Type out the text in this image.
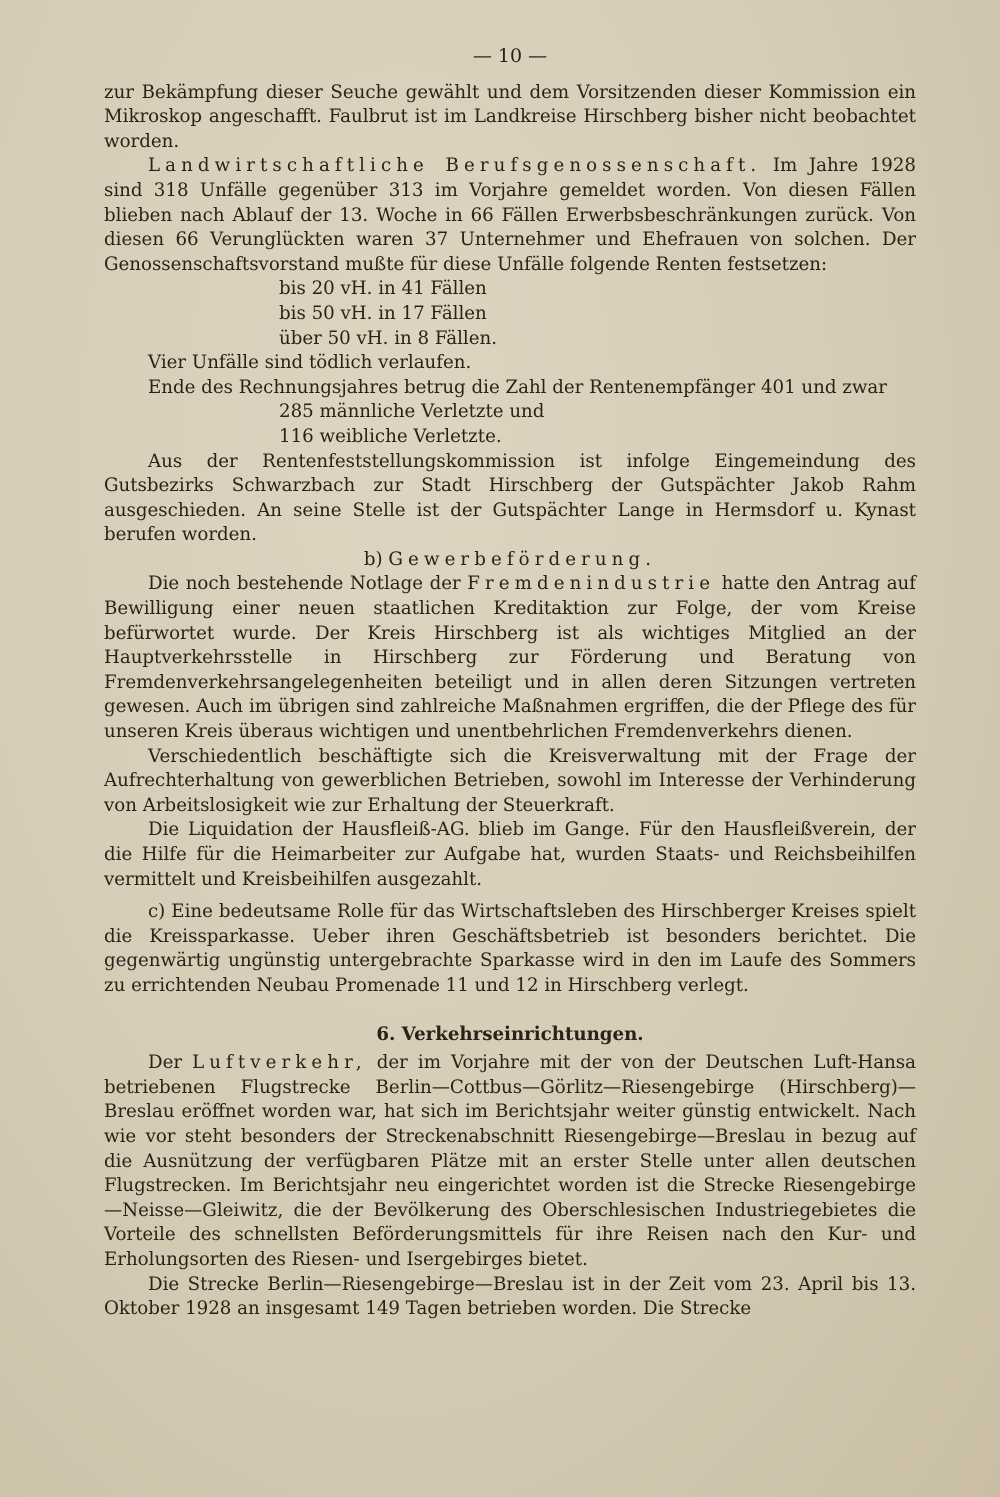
— 10 —

zur Bekämpfung dieser Seuche gewählt und dem Vorsitzenden dieser Kommission ein Mikroskop angeschafft. Faulbrut ist im Landkreise Hirschberg bisher nicht beobachtet worden.

Landwirtschaftliche Berufsgenossenschaft. Im Jahre 1928 sind 318 Unfälle gegenüber 313 im Vorjahre gemeldet worden. Von diesen Fällen blieben nach Ablauf der 13. Woche in 66 Fällen Erwerbsbeschränkungen zurück. Von diesen 66 Verunglückten waren 37 Unternehmer und Ehefrauen von solchen. Der Genossenschaftsvorstand mußte für diese Unfälle folgende Renten festsetzen:

bis 20 vH. in 41 Fällen
bis 50 vH. in 17 Fällen
über 50 vH. in 8 Fällen.

Vier Unfälle sind tödlich verlaufen.

Ende des Rechnungsjahres betrug die Zahl der Rentenempfänger 401 und zwar

285 männliche Verletzte und
116 weibliche Verletzte.

Aus der Rentenfeststellungskommission ist infolge Eingemeindung des Gutsbezirks Schwarzbach zur Stadt Hirschberg der Gutspächter Jakob Rahm ausgeschieden. An seine Stelle ist der Gutspächter Lange in Hermsdorf u. Kynast berufen worden.

b) Gewerbeförderung.

Die noch bestehende Notlage der Fremdenindustrie hatte den Antrag auf Bewilligung einer neuen staatlichen Kreditaktion zur Folge, der vom Kreise befürwortet wurde. Der Kreis Hirschberg ist als wichtiges Mitglied an der Hauptverkehrsstelle in Hirschberg zur Förderung und Beratung von Fremdenverkehrsangelegenheiten beteiligt und in allen deren Sitzungen vertreten gewesen. Auch im übrigen sind zahlreiche Maßnahmen ergriffen, die der Pflege des für unseren Kreis überaus wichtigen und unentbehrlichen Fremdenverkehrs dienen.

Verschiedentlich beschäftigte sich die Kreisverwaltung mit der Frage der Aufrechterhaltung von gewerblichen Betrieben, sowohl im Interesse der Verhinderung von Arbeitslosigkeit wie zur Erhaltung der Steuerkraft.

Die Liquidation der Hausfleiß-AG. blieb im Gange. Für den Hausfleißverein, der die Hilfe für die Heimarbeiter zur Aufgabe hat, wurden Staats- und Reichsbeihilfen vermittelt und Kreisbeihilfen ausgezahlt.

c) Eine bedeutsame Rolle für das Wirtschaftsleben des Hirschberger Kreises spielt die Kreissparkasse. Ueber ihren Geschäftsbetrieb ist besonders berichtet. Die gegenwärtig ungünstig untergebrachte Sparkasse wird in den im Laufe des Sommers zu errichtenden Neubau Promenade 11 und 12 in Hirschberg verlegt.

6. Verkehrseinrichtungen.

Der Luftverkehr, der im Vorjahre mit der von der Deutschen Luft-Hansa betriebenen Flugstrecke Berlin—Cottbus—Görlitz—Riesengebirge (Hirschberg)—Breslau eröffnet worden war, hat sich im Berichtsjahr weiter günstig entwickelt. Nach wie vor steht besonders der Streckenabschnitt Riesengebirge—Breslau in bezug auf die Ausnützung der verfügbaren Plätze mit an erster Stelle unter allen deutschen Flugstrecken. Im Berichtsjahr neu eingerichtet worden ist die Strecke Riesengebirge —Neisse—Gleiwitz, die der Bevölkerung des Oberschlesischen Industriegebietes die Vorteile des schnellsten Beförderungsmittels für ihre Reisen nach den Kur- und Erholungsorten des Riesen- und Isergebirges bietet.

Die Strecke Berlin—Riesengebirge—Breslau ist in der Zeit vom 23. April bis 13. Oktober 1928 an insgesamt 149 Tagen betrieben worden. Die Strecke
